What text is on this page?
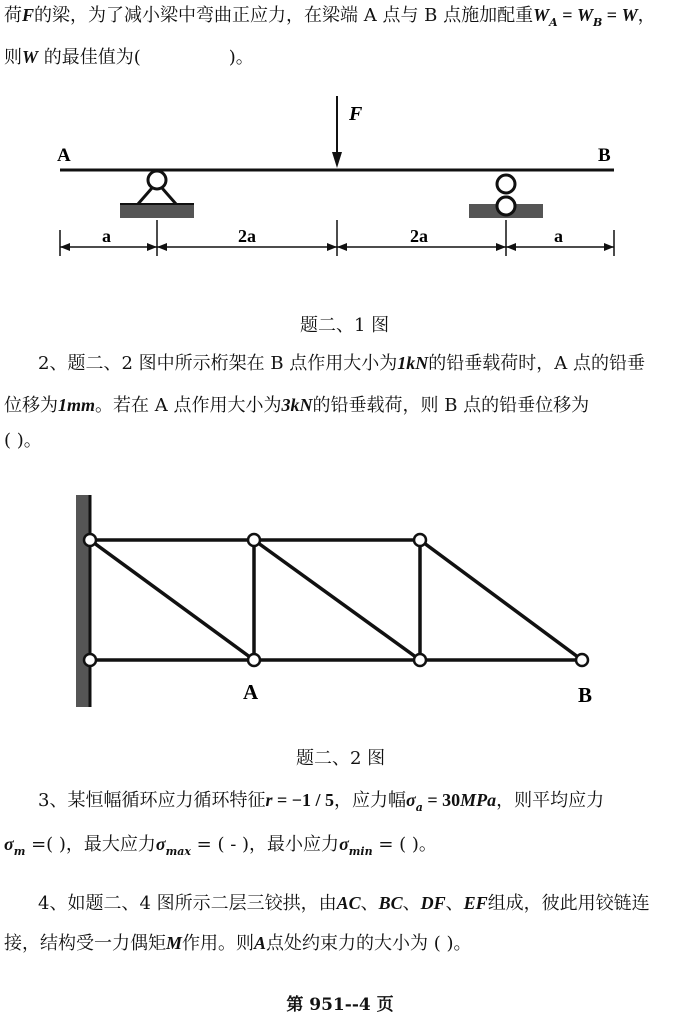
荷F的梁，为了减小梁中弯曲正应力，在梁端 A 点与 B 点施加配重$W_A = W_B = W$，
则W 的最佳值为(	)。
A	B
F
a	2a	2a	a
题二、1 图
2、题二、2 图中所示桁架在 B 点作用大小为1kN的铅垂载荷时，A 点的铅垂
位移为1mm。若在 A 点作用大小为3kN的铅垂载荷，则 B 点的铅垂位移为
( )。
A	B
题二、2 图
3、某恒幅循环应力循环特征r = −1 / 5，应力幅$\sigma_a = 30MPa$，则平均应力
$\sigma_m$ =( )，最大应力$\sigma_{max}$ = ( - )，最小应力$\sigma_{min}$ = ( )。
4、如题二、4 图所示二层三铰拱，由AC、BC、DF、EF组成，彼此用铰链连
接，结构受一力偶矩M作用。则A点处约束力的大小为 ( )。
第 951--4 页
